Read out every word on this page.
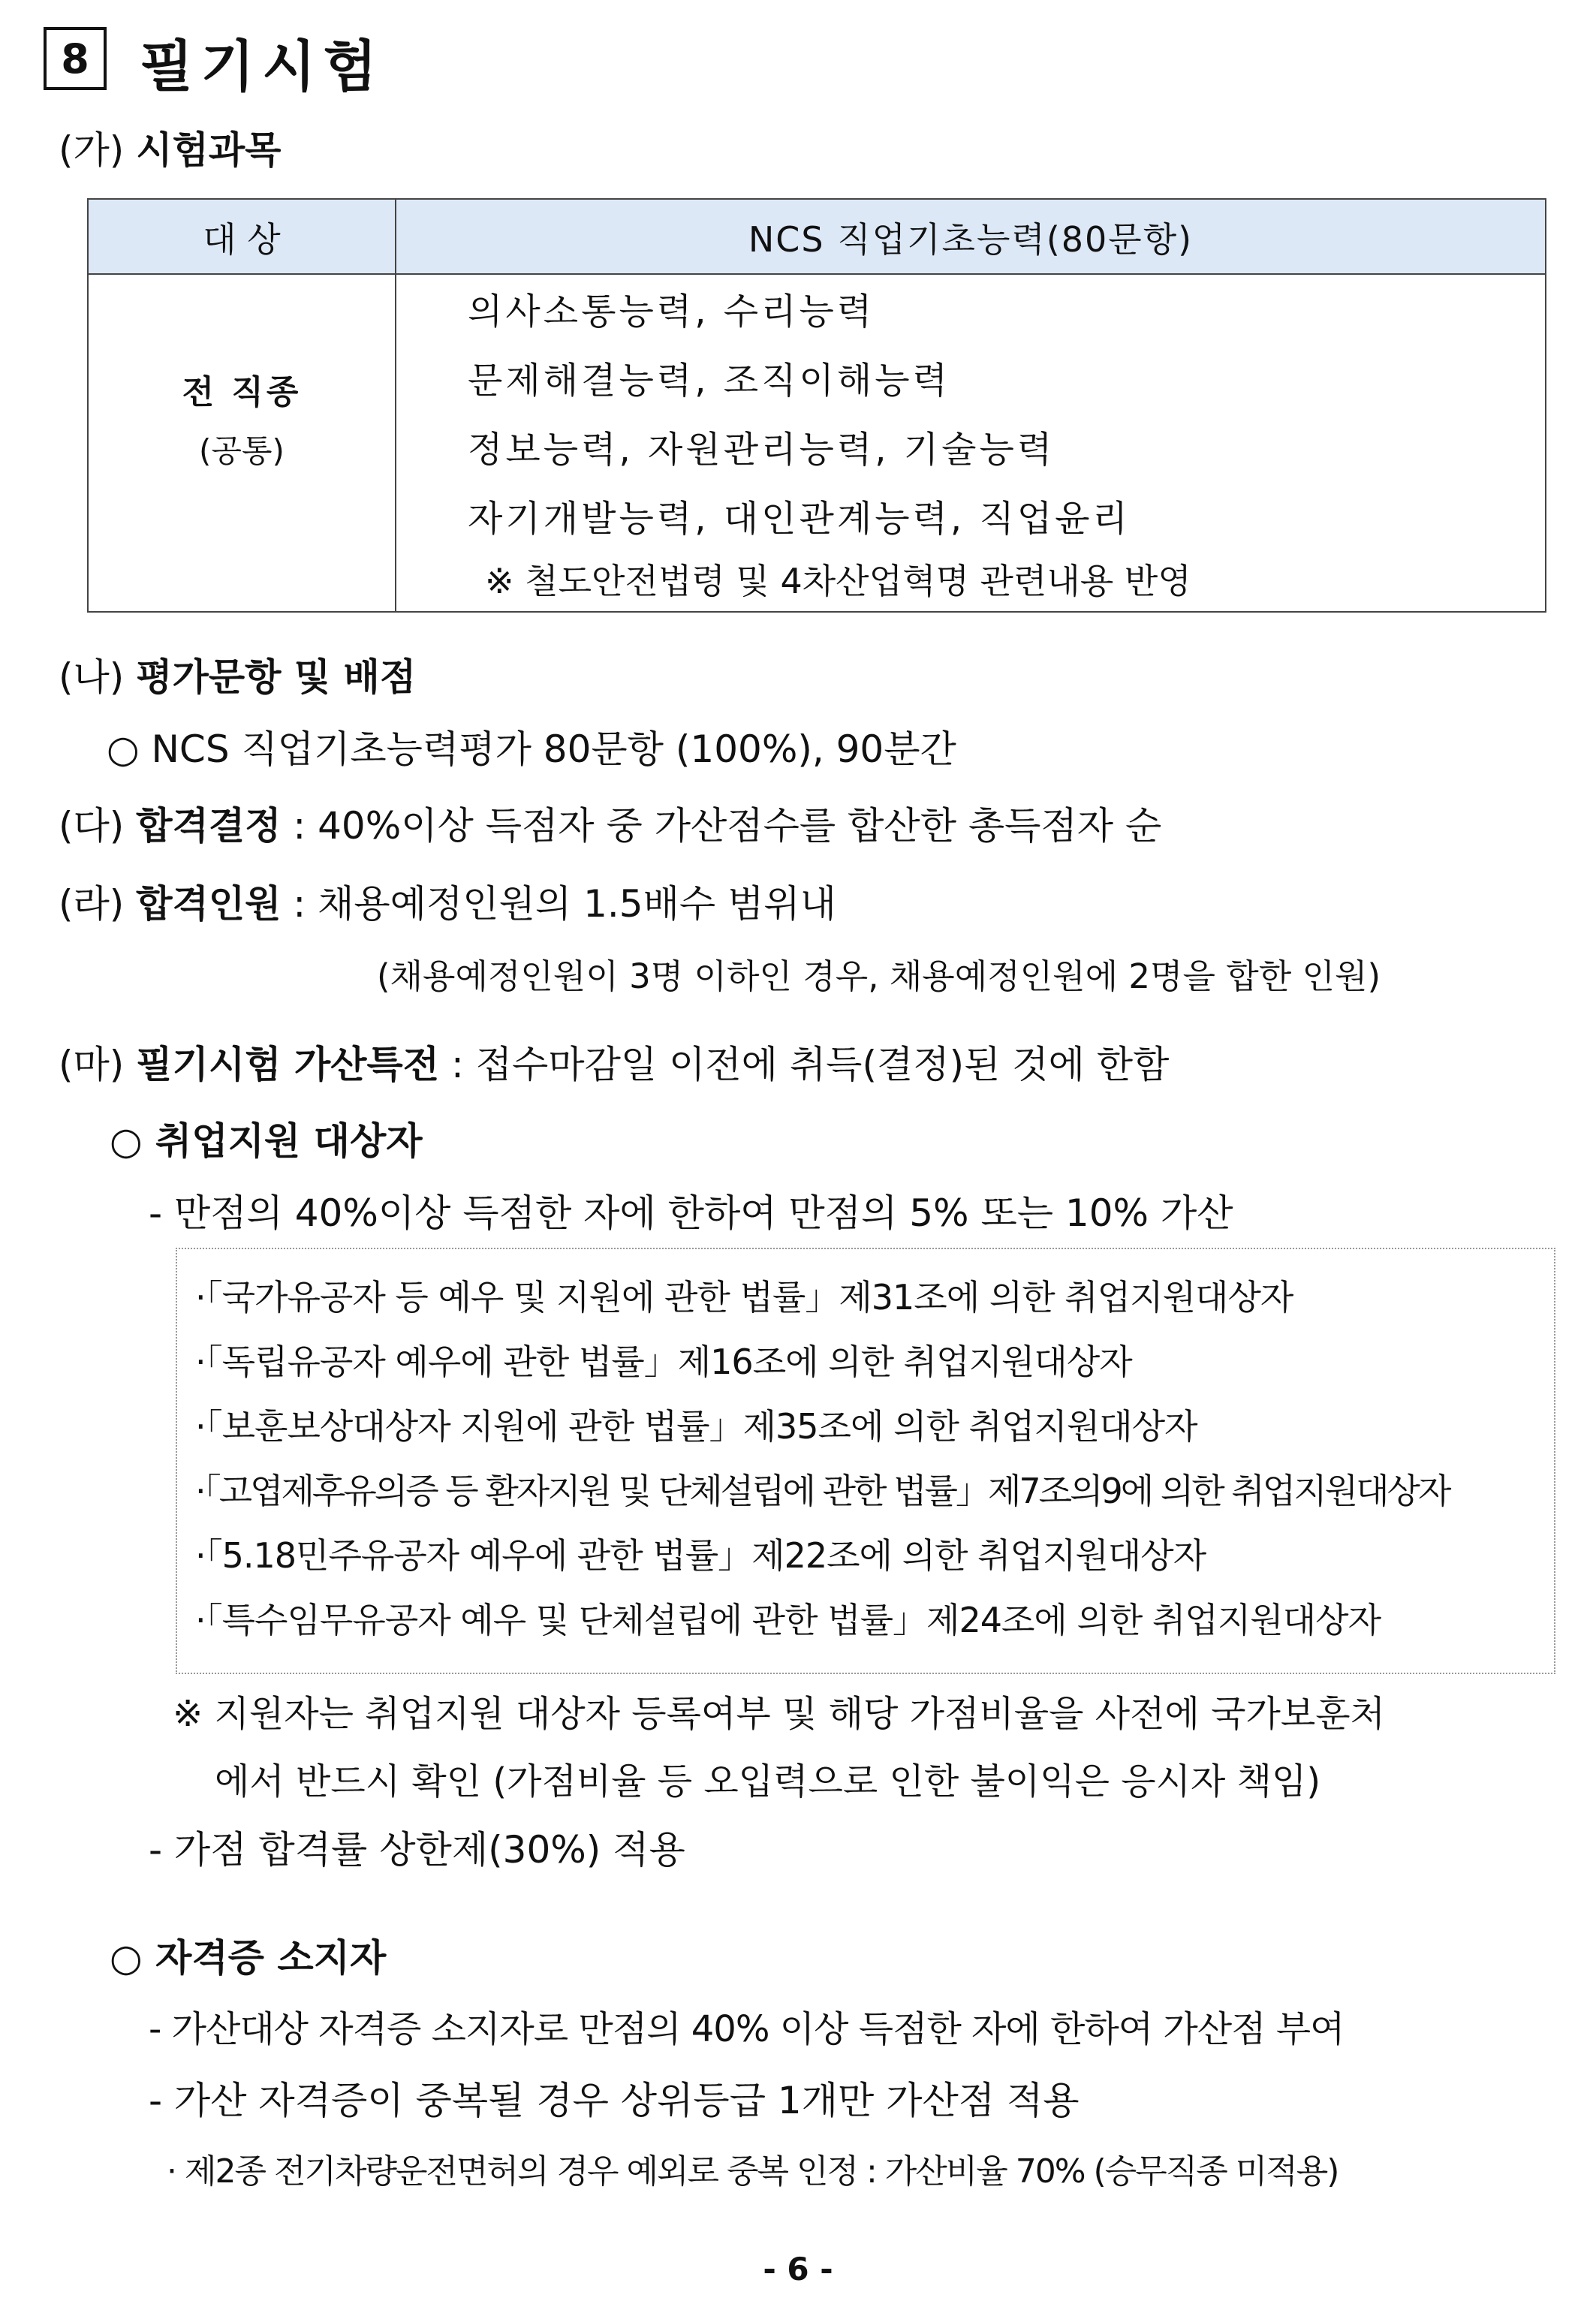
8 필기시험
(가) 시험과목
대 상	NCS 직업기초능력(80문항)
전 직종
(공통)
의사소통능력, 수리능력
문제해결능력, 조직이해능력
정보능력, 자원관리능력, 기술능력
자기개발능력, 대인관계능력, 직업윤리
※ 철도안전법령 및 4차산업혁명 관련내용 반영
(나) 평가문항 및 배점
○ NCS 직업기초능력평가 80문항 (100%), 90분간
(다) 합격결정 : 40%이상 득점자 중 가산점수를 합산한 총득점자 순
(라) 합격인원 : 채용예정인원의 1.5배수 범위내
(채용예정인원이 3명 이하인 경우, 채용예정인원에 2명을 합한 인원)
(마) 필기시험 가산특전 : 접수마감일 이전에 취득(결정)된 것에 한함
○ 취업지원 대상자
- 만점의 40%이상 득점한 자에 한하여 만점의 5% 또는 10% 가산
·「국가유공자 등 예우 및 지원에 관한 법률」제31조에 의한 취업지원대상자
·「독립유공자 예우에 관한 법률」제16조에 의한 취업지원대상자
·「보훈보상대상자 지원에 관한 법률」제35조에 의한 취업지원대상자
·「고엽제후유의증 등 환자지원 및 단체설립에 관한 법률」제7조의9에 의한 취업지원대상자
·「5.18민주유공자 예우에 관한 법률」제22조에 의한 취업지원대상자
·「특수임무유공자 예우 및 단체설립에 관한 법률」제24조에 의한 취업지원대상자
※ 지원자는 취업지원 대상자 등록여부 및 해당 가점비율을 사전에 국가보훈처
에서 반드시 확인 (가점비율 등 오입력으로 인한 불이익은 응시자 책임)
- 가점 합격률 상한제(30%) 적용
○ 자격증 소지자
- 가산대상 자격증 소지자로 만점의 40% 이상 득점한 자에 한하여 가산점 부여
- 가산 자격증이 중복될 경우 상위등급 1개만 가산점 적용
· 제2종 전기차량운전면허의 경우 예외로 중복 인정 : 가산비율 70% (승무직종 미적용)
- 6 -
